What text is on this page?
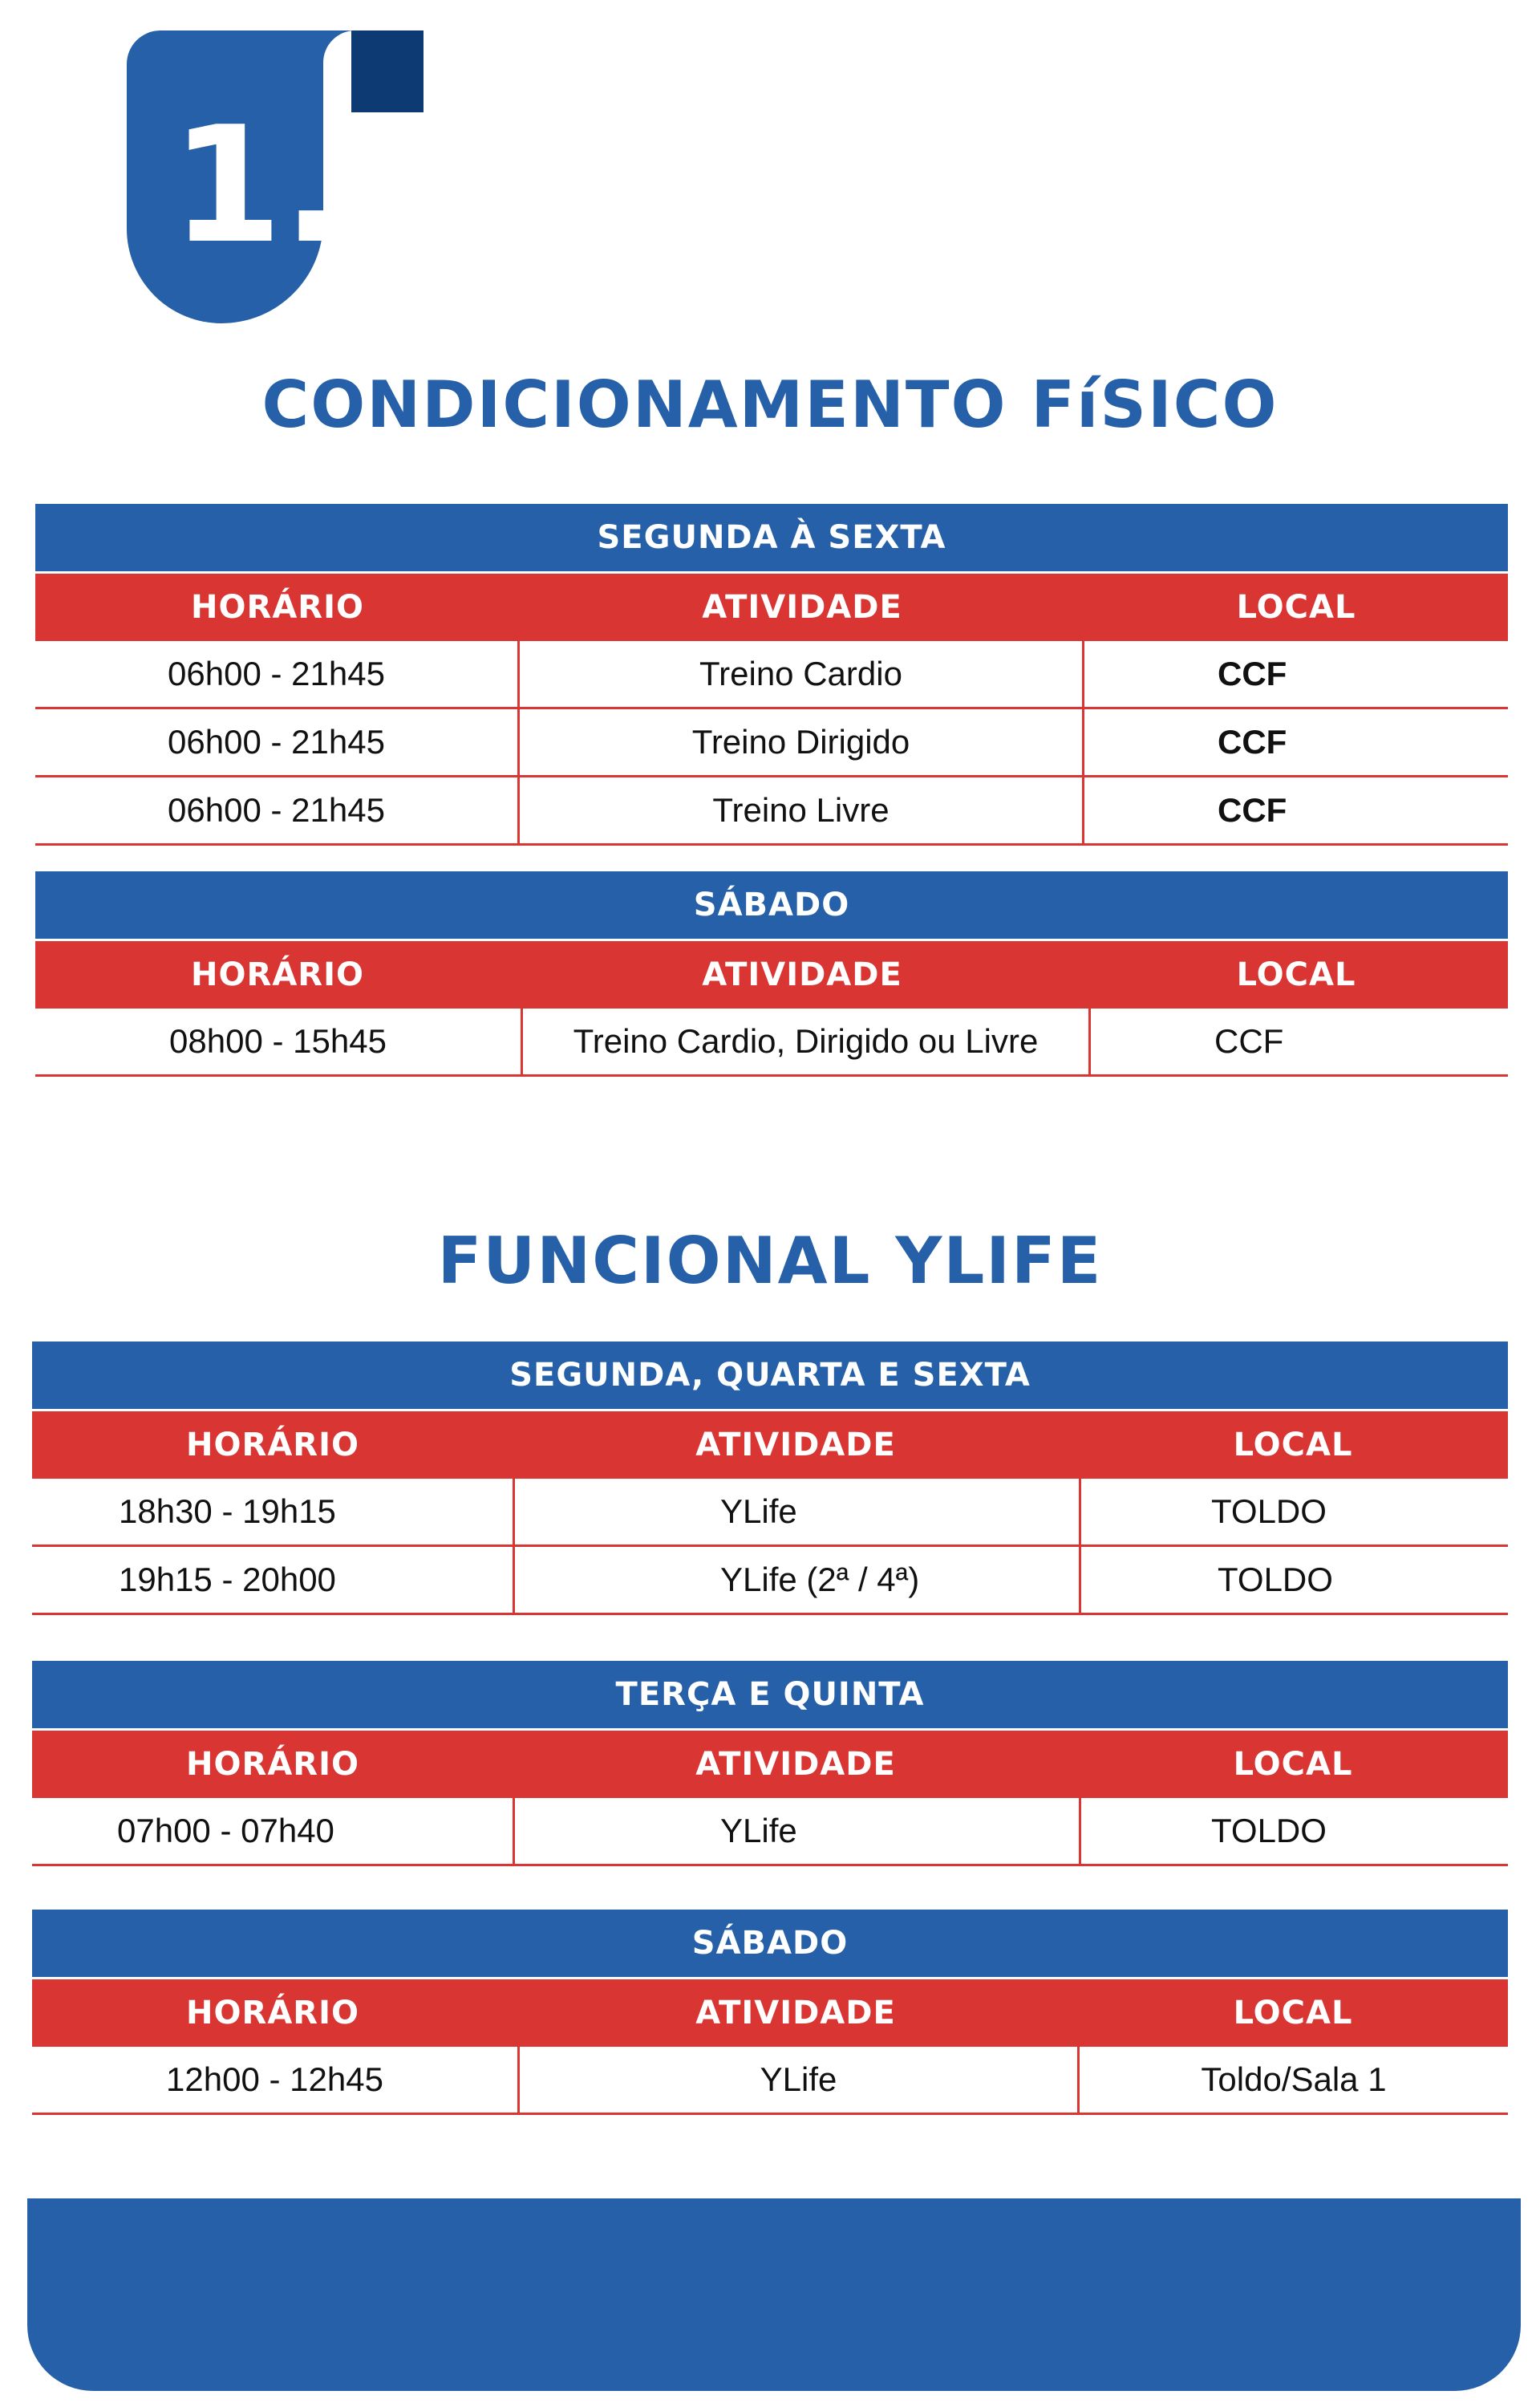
1.
CONDICIONAMENTO FíSICO
SEGUNDA À SEXTA
HORÁRIO	ATIVIDADE	LOCAL
06h00 - 21h45	Treino Cardio	CCF
06h00 - 21h45	Treino Dirigido	CCF
06h00 - 21h45	Treino Livre	CCF
SÁBADO
HORÁRIO	ATIVIDADE	LOCAL
08h00 - 15h45	Treino Cardio, Dirigido ou Livre	CCF
FUNCIONAL YLIFE
SEGUNDA, QUARTA E SEXTA
HORÁRIO	ATIVIDADE	LOCAL
18h30 - 19h15	YLife	TOLDO
19h15 - 20h00	YLife (2ª / 4ª)	TOLDO
TERÇA E QUINTA
HORÁRIO	ATIVIDADE	LOCAL
07h00 - 07h40	YLife	TOLDO
SÁBADO
HORÁRIO	ATIVIDADE	LOCAL
12h00 - 12h45	YLife	Toldo/Sala 1
